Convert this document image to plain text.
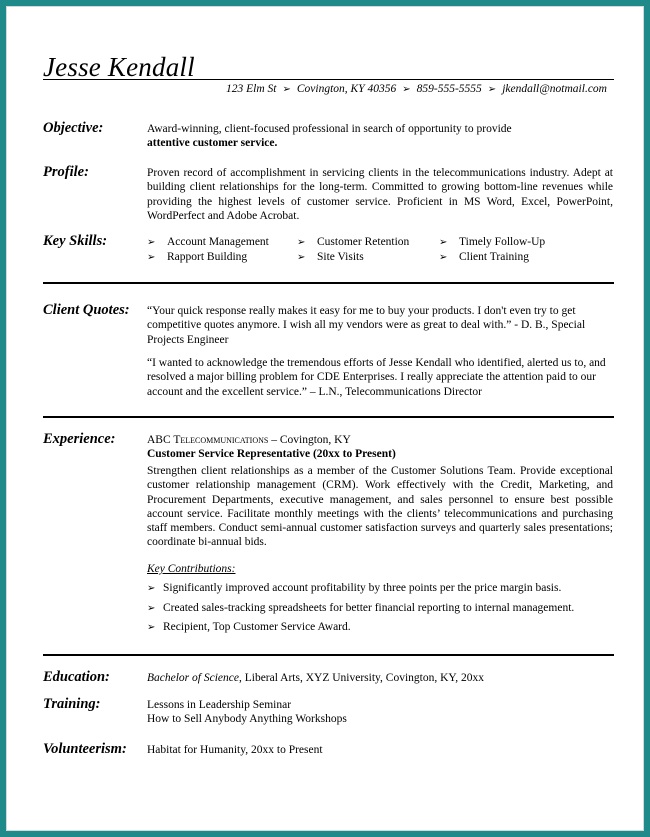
Jesse Kendall
123 Elm St ➢ Covington, KY 40356 ➢ 859-555-5555 ➢ jkendall@notmail.com
Objective:	Award-winning, client-focused professional in search of opportunity to provide
attentive customer service.
Profile:	Proven record of accomplishment in servicing clients in the telecommunications industry. Adept at building client relationships for the long-term. Committed to growing bottom-line revenues while providing the highest levels of customer service. Proficient in MS Word, Excel, PowerPoint, WordPerfect and Adobe Acrobat.
Key Skills:	➢ Account Management	➢ Customer Retention	➢ Timely Follow-Up
➢ Rapport Building	➢ Site Visits	➢ Client Training
Client Quotes: “Your quick response really makes it easy for me to buy your products. I don't even try to get competitive quotes anymore. I wish all my vendors were as great to deal with.” - D. B., Special Projects Engineer
“I wanted to acknowledge the tremendous efforts of Jesse Kendall who identified, alerted us to, and resolved a major billing problem for CDE Enterprises. I really appreciate the attention paid to our account and the excellent service.” – L.N., Telecommunications Director
Experience:	ABC Telecommunications – Covington, KY
Customer Service Representative (20xx to Present)
Strengthen client relationships as a member of the Customer Solutions Team. Provide exceptional customer relationship management (CRM). Work effectively with the Credit, Marketing, and Procurement Departments, executive management, and sales personnel to ensure best possible account service. Facilitate monthly meetings with the clients’ telecommunications and purchasing staff members. Conduct semi-annual customer satisfaction surveys and quarterly sales presentations; coordinate bi-annual bids.
Key Contributions:
➢ Significantly improved account profitability by three points per the price margin basis.
➢ Created sales-tracking spreadsheets for better financial reporting to internal management.
➢ Recipient, Top Customer Service Award.
Education:	Bachelor of Science, Liberal Arts, XYZ University, Covington, KY, 20xx
Training:	Lessons in Leadership Seminar
How to Sell Anybody Anything Workshops
Volunteerism: Habitat for Humanity, 20xx to Present
